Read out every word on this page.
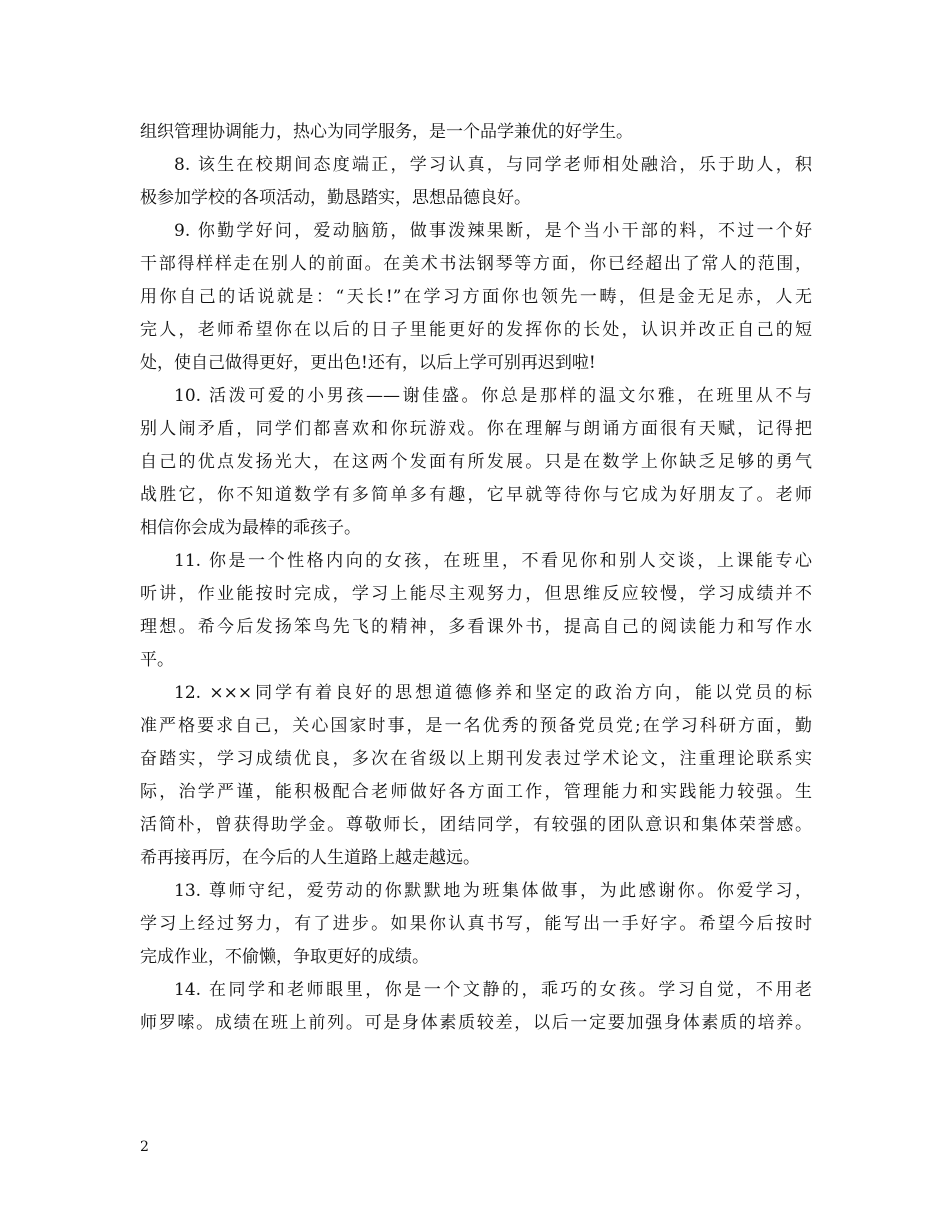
组织管理协调能力，热心为同学服务，是一个品学兼优的好学生。

8. 该生在校期间态度端正，学习认真，与同学老师相处融洽，乐于助人，积

极参加学校的各项活动，勤恳踏实，思想品德良好。

9. 你勤学好问，爱动脑筋，做事泼辣果断，是个当小干部的料，不过一个好

干部得样样走在别人的前面。在美术书法钢琴等方面，你已经超出了常人的范围，

用你自己的话说就是：“天长!”在学习方面你也领先一畴，但是金无足赤，人无

完人，老师希望你在以后的日子里能更好的发挥你的长处，认识并改正自己的短

处，使自己做得更好，更出色!还有，以后上学可别再迟到啦!

10. 活泼可爱的小男孩——谢佳盛。你总是那样的温文尔雅，在班里从不与

别人闹矛盾，同学们都喜欢和你玩游戏。你在理解与朗诵方面很有天赋，记得把

自己的优点发扬光大，在这两个发面有所发展。只是在数学上你缺乏足够的勇气

战胜它，你不知道数学有多简单多有趣，它早就等待你与它成为好朋友了。老师

相信你会成为最棒的乖孩子。

11. 你是一个性格内向的女孩，在班里，不看见你和别人交谈，上课能专心

听讲，作业能按时完成，学习上能尽主观努力，但思维反应较慢，学习成绩并不

理想。希今后发扬笨鸟先飞的精神，多看课外书，提高自己的阅读能力和写作水

平。

12. ×××同学有着良好的思想道德修养和坚定的政治方向，能以党员的标

准严格要求自己，关心国家时事，是一名优秀的预备党员党;在学习科研方面，勤

奋踏实，学习成绩优良，多次在省级以上期刊发表过学术论文，注重理论联系实

际，治学严谨，能积极配合老师做好各方面工作，管理能力和实践能力较强。生

活简朴，曾获得助学金。尊敬师长，团结同学，有较强的团队意识和集体荣誉感。

希再接再厉，在今后的人生道路上越走越远。

13. 尊师守纪，爱劳动的你默默地为班集体做事，为此感谢你。你爱学习，

学习上经过努力，有了进步。如果你认真书写，能写出一手好字。希望今后按时

完成作业，不偷懒，争取更好的成绩。

14. 在同学和老师眼里，你是一个文静的，乖巧的女孩。学习自觉，不用老

师罗嗦。成绩在班上前列。可是身体素质较差，以后一定要加强身体素质的培养。

2
